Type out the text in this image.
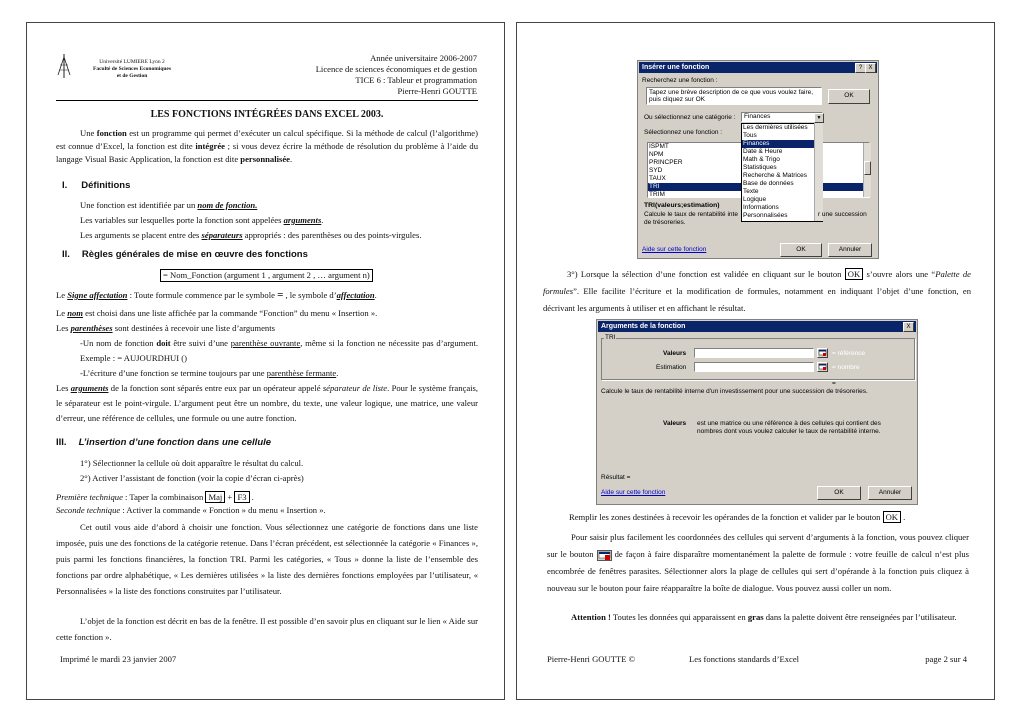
Université LUMIERE Lyon 2
Faculté de Sciences Economiques
et de Gestion
Année universitaire 2006-2007
Licence de sciences économiques et de gestion
TICE 6 : Tableur et programmation
Pierre-Henri GOUTTE
LES FONCTIONS INTÉGRÉES DANS EXCEL 2003.
Une fonction est un programme qui permet d’exécuter un calcul spécifique. Si la méthode de calcul (l’algorithme) est connue d’Excel, la fonction est dite intégrée ; si vous devez écrire la méthode de résolution du problème à l’aide du langage Visual Basic Application, la fonction est dite personnalisée.
I. Définitions
Une fonction est identifiée par un nom de fonction.
Les variables sur lesquelles porte la fonction sont appelées arguments.
Les arguments se placent entre des séparateurs appropriés : des parenthèses ou des points-virgules.
II. Règles générales de mise en œuvre des fonctions
= Nom_Fonction (argument 1 , argument 2 , … argument n)
Le Signe affectation : Toute formule commence par le symbole = , le symbole d’affectation.
Le nom est choisi dans une liste affichée par la commande “Fonction” du menu « Insertion ».
Les parenthèses sont destinées à recevoir une liste d’arguments
-Un nom de fonction doit être suivi d’une parenthèse ouvrante, même si la fonction ne nécessite pas d’argument. Exemple : = AUJOURDHUI ()
-L’écriture d’une fonction se termine toujours par une parenthèse fermante.
Les arguments de la fonction sont séparés entre eux par un opérateur appelé séparateur de liste. Pour le système français, le séparateur est le point-virgule. L’argument peut être un nombre, du texte, une valeur logique, une matrice, une valeur d’erreur, une référence de cellules, une formule ou une autre fonction.
III. L’insertion d’une fonction dans une cellule
1°) Sélectionner la cellule où doit apparaître le résultat du calcul.
2°) Activer l’assistant de fonction (voir la copie d’écran ci-après)
Première technique : Taper la combinaison Maj + F3 .
Seconde technique : Activer la commande « Fonction » du menu « Insertion ».
Cet outil vous aide d’abord à choisir une fonction. Vous sélectionnez une catégorie de fonctions dans une liste imposée, puis une des fonctions de la catégorie retenue. Dans l’écran précédent, est sélectionnée la catégorie « Finances », puis parmi les fonctions financières, la fonction TRI. Parmi les catégories, « Tous » donne la liste de l’ensemble des fonctions par ordre alphabétique, « Les dernières utilisées » la liste des dernières fonctions employées par l’utilisateur, « Personnalisées » la liste des fonctions construites par l’utilisateur.
L’objet de la fonction est décrit en bas de la fenêtre. Il est possible d’en savoir plus en cliquant sur le lien « Aide sur cette fonction ».
Imprimé le mardi 23 janvier 2007
Insérer une fonction	?	X
Recherchez une fonction :
Tapez une brève description de ce que vous voulez faire, puis cliquez sur OK
OK
Ou sélectionnez une catégorie :	Finances	▼
Sélectionnez une fonction :
ISPMT
NPM
PRINCPER
SYD
TAUX
TRI
TRIM
Les dernières utilisées
Tous
Finances
Date & Heure
Math & Trigo
Statistiques
Recherche & Matrices
Base de données
Texte
Logique
Informations
Personnalisées
TRI(valeurs;estimation)
Calcule le taux de rentabilité inte	r une succession
de trésoreries.
Aide sur cette fonction	OK	Annuler
3°) Lorsque la sélection d’une fonction est validée en cliquant sur le bouton OK s’ouvre alors une “Palette de formules”. Elle facilite l’écriture et la modification de formules, notamment en indiquant l’objet d’une fonction, en décrivant les arguments à utiliser et en affichant le résultat.
Arguments de la fonction	X
TRI
Valeurs	= référence
Estimation	= nombre
=
Calcule le taux de rentabilité interne d'un investissement pour une succession de trésoreries.
Valeurs est une matrice ou une référence à des cellules qui contient des nombres dont vous voulez calculer le taux de rentabilité interne.
Résultat =
Aide sur cette fonction	OK	Annuler
Remplir les zones destinées à recevoir les opérandes de la fonction et valider par le bouton OK .
Pour saisir plus facilement les coordonnées des cellules qui servent d’arguments à la fonction, vous pouvez cliquer sur le bouton  de façon à faire disparaître momentanément la palette de formule : votre feuille de calcul n’est plus encombrée de fenêtres parasites. Sélectionner alors la plage de cellules qui sert d’opérande à la fonction puis cliquez à nouveau sur le bouton pour faire réapparaître la boîte de dialogue. Vous pouvez aussi coller un nom.
Attention ! Toutes les données qui apparaissent en gras dans la palette doivent être renseignées par l’utilisateur.
Pierre-Henri GOUTTE ©	Les fonctions standards d’Excel	page 2 sur 4
